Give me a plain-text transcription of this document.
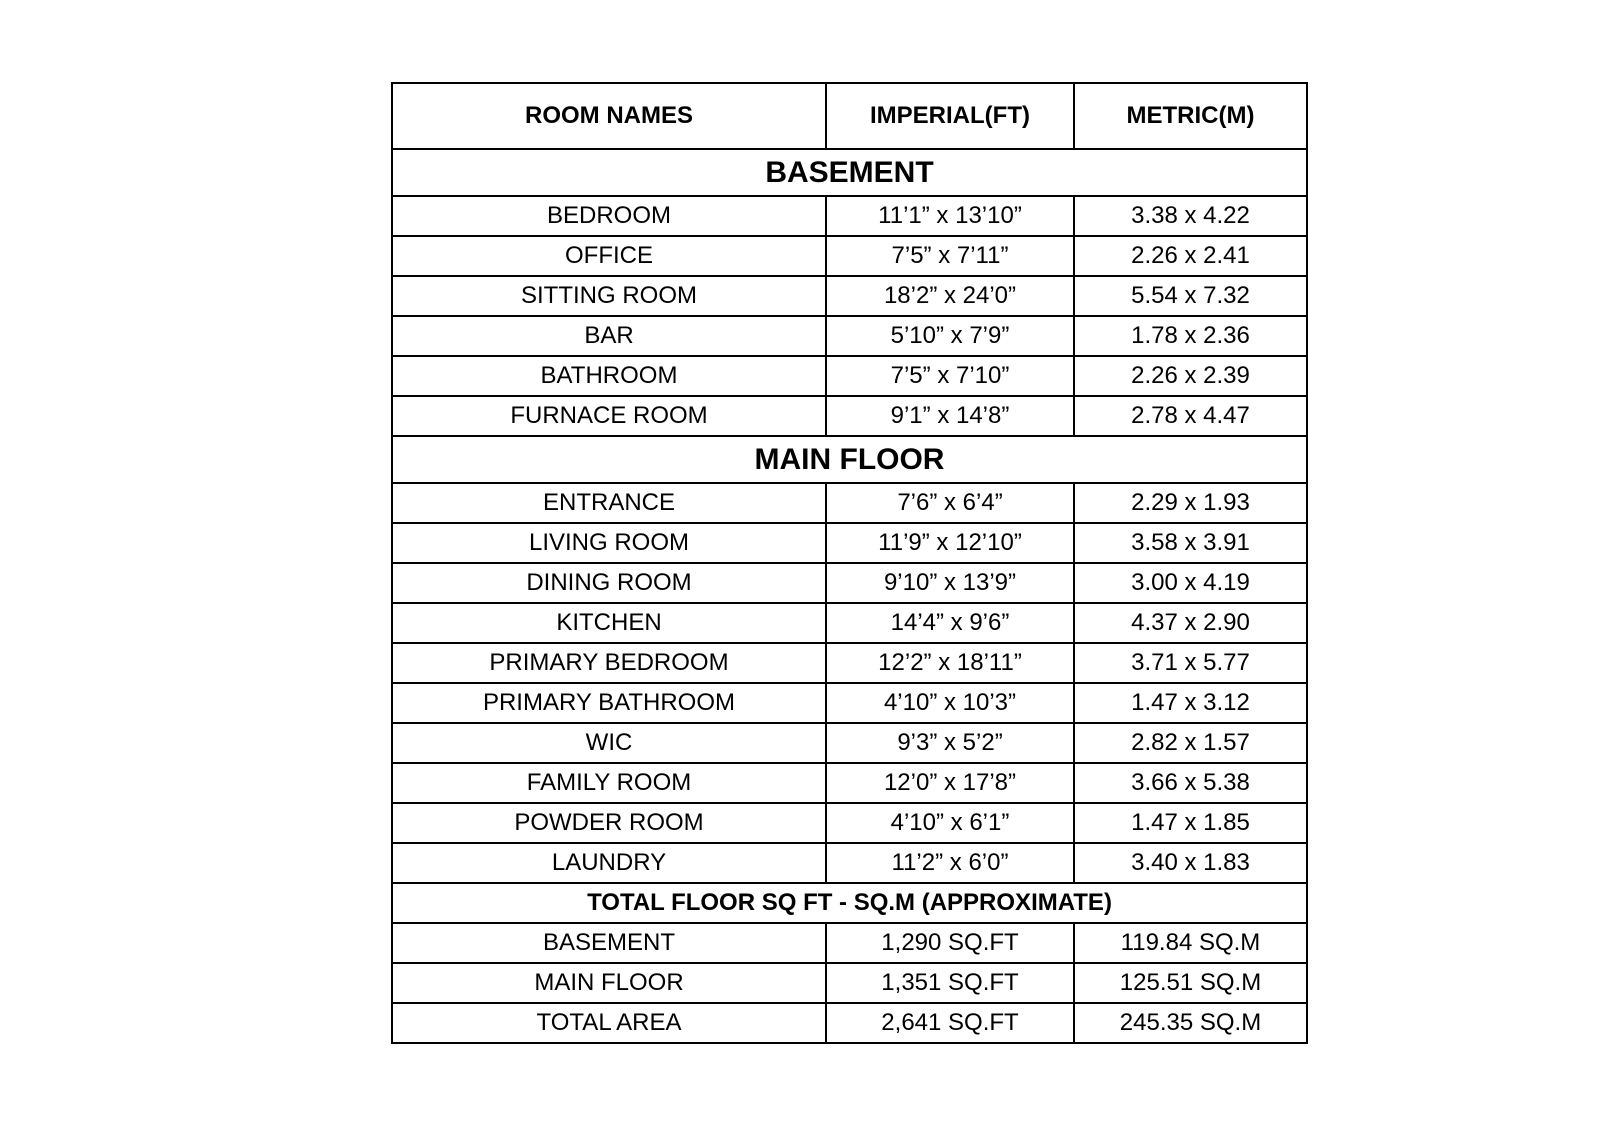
ROOM NAMES	IMPERIAL(FT)	METRIC(M)
BASEMENT		
BEDROOM	11’1” x 13’10”	3.38 x 4.22
OFFICE	7’5” x 7’11”	2.26 x 2.41
SITTING ROOM	18’2” x 24’0”	5.54 x 7.32
BAR	5’10” x 7’9”	1.78 x 2.36
BATHROOM	7’5” x 7’10”	2.26 x 2.39
FURNACE ROOM	9’1” x 14’8”	2.78 x 4.47
MAIN FLOOR		
ENTRANCE	7’6” x 6’4”	2.29 x 1.93
LIVING ROOM	11’9” x 12’10”	3.58 x 3.91
DINING ROOM	9’10” x 13’9”	3.00 x 4.19
KITCHEN	14’4” x 9’6”	4.37 x 2.90
PRIMARY BEDROOM	12’2” x 18’11”	3.71 x 5.77
PRIMARY BATHROOM	4’10” x 10’3”	1.47 x 3.12
WIC	9’3” x 5’2”	2.82 x 1.57
FAMILY ROOM	12’0” x 17’8”	3.66 x 5.38
POWDER ROOM	4’10” x 6’1”	1.47 x 1.85
LAUNDRY	11’2” x 6’0”	3.40 x 1.83
TOTAL FLOOR SQ FT - SQ.M (APPROXIMATE)		
BASEMENT	1,290 SQ.FT	119.84 SQ.M
MAIN FLOOR	1,351 SQ.FT	125.51 SQ.M
TOTAL AREA	2,641 SQ.FT	245.35 SQ.M
